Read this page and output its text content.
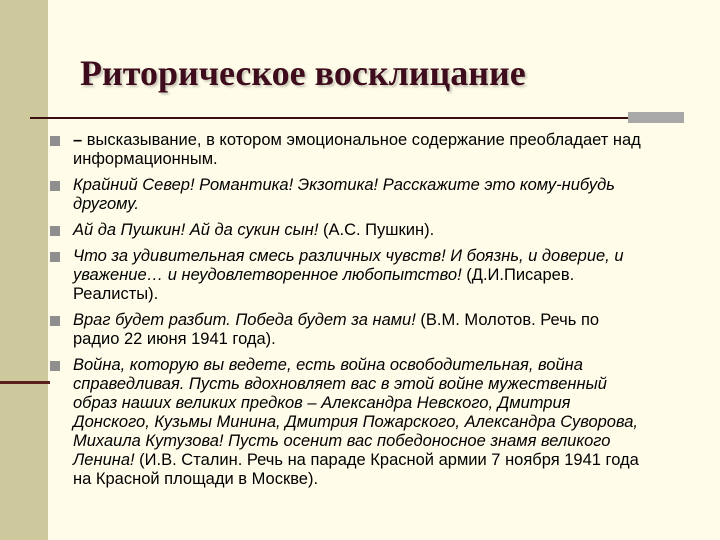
Риторическое восклицание
– высказывание, в котором эмоциональное содержание преобладает над информационным.
Крайний Север! Романтика! Экзотика! Расскажите это кому-нибудь другому.
Ай да Пушкин! Ай да сукин сын! (А.С. Пушкин).
Что за удивительная смесь различных чувств! И боязнь, и доверие, и уважение… и неудовлетворенное любопытство! (Д.И.Писарев. Реалисты).
Враг будет разбит. Победа будет за нами! (В.М. Молотов. Речь по радио 22 июня 1941 года).
Война, которую вы ведете, есть война освободительная, война справедливая. Пусть вдохновляет вас в этой войне мужественный образ наших великих предков – Александра Невского, Дмитрия Донского, Кузьмы Минина, Дмитрия Пожарского, Александра Суворова, Михаила Кутузова! Пусть осенит вас победоносное знамя великого Ленина! (И.В. Сталин. Речь на параде Красной армии 7 ноября 1941 года на Красной площади в Москве).
